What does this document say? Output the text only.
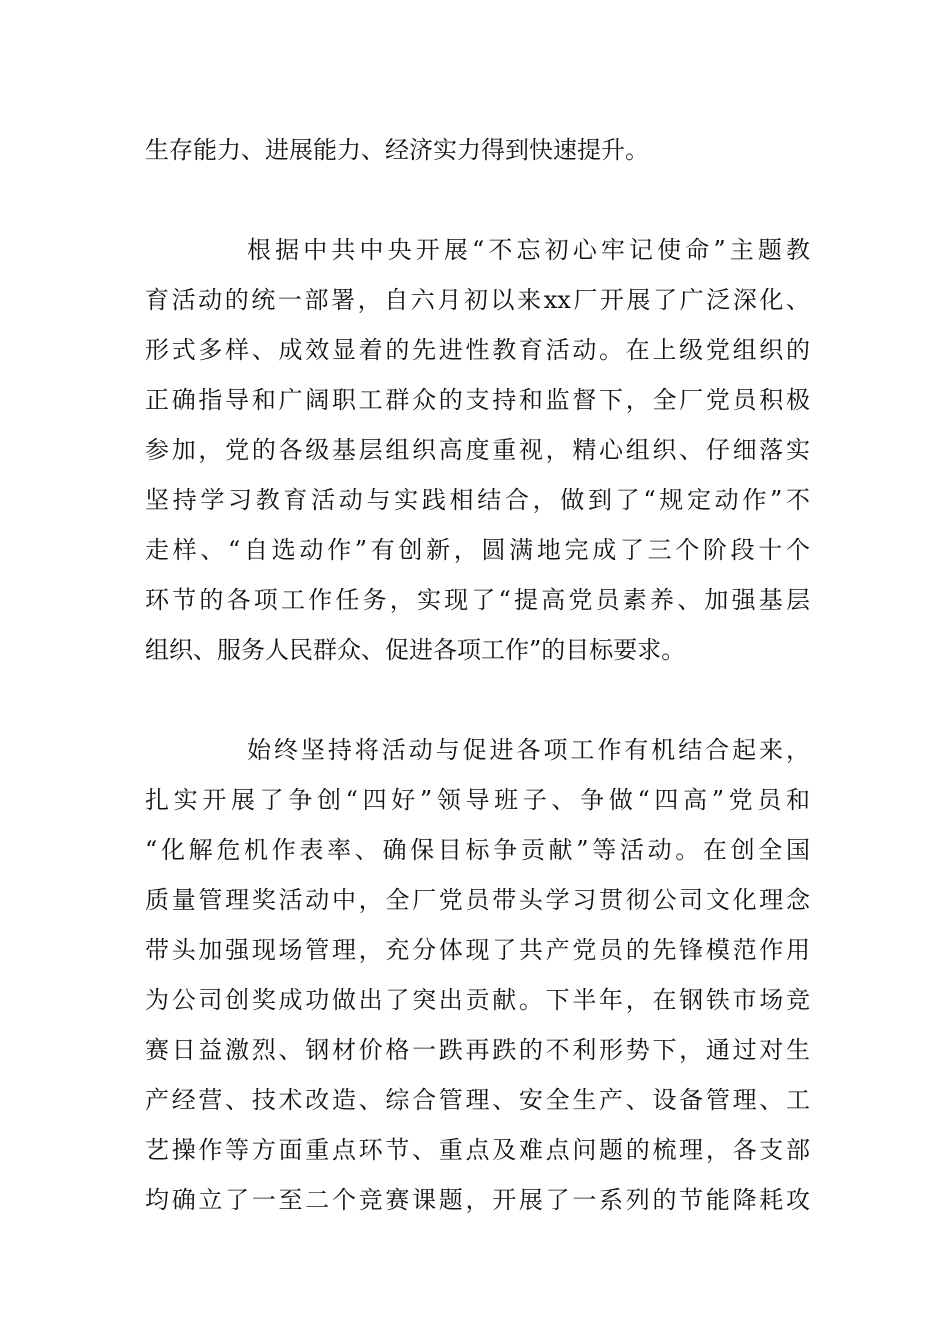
生存能力、进展能力、经济实力得到快速提升。
根据中共中央开展“不忘初心牢记使命”主题教
育活动的统一部署，自六月初以来xx厂开展了广泛深化、
形式多样、成效显着的先进性教育活动。在上级党组织的
正确指导和广阔职工群众的支持和监督下，全厂党员积极
参加，党的各级基层组织高度重视，精心组织、仔细落实
坚持学习教育活动与实践相结合，做到了“规定动作”不
走样、“自选动作”有创新，圆满地完成了三个阶段十个
环节的各项工作任务，实现了“提高党员素养、加强基层
组织、服务人民群众、促进各项工作”的目标要求。
始终坚持将活动与促进各项工作有机结合起来，
扎实开展了争创“四好”领导班子、争做“四高”党员和
“化解危机作表率、确保目标争贡献”等活动。在创全国
质量管理奖活动中，全厂党员带头学习贯彻公司文化理念
带头加强现场管理，充分体现了共产党员的先锋模范作用
为公司创奖成功做出了突出贡献。下半年，在钢铁市场竞
赛日益激烈、钢材价格一跌再跌的不利形势下，通过对生
产经营、技术改造、综合管理、安全生产、设备管理、工
艺操作等方面重点环节、重点及难点问题的梳理，各支部
均确立了一至二个竞赛课题，开展了一系列的节能降耗攻
